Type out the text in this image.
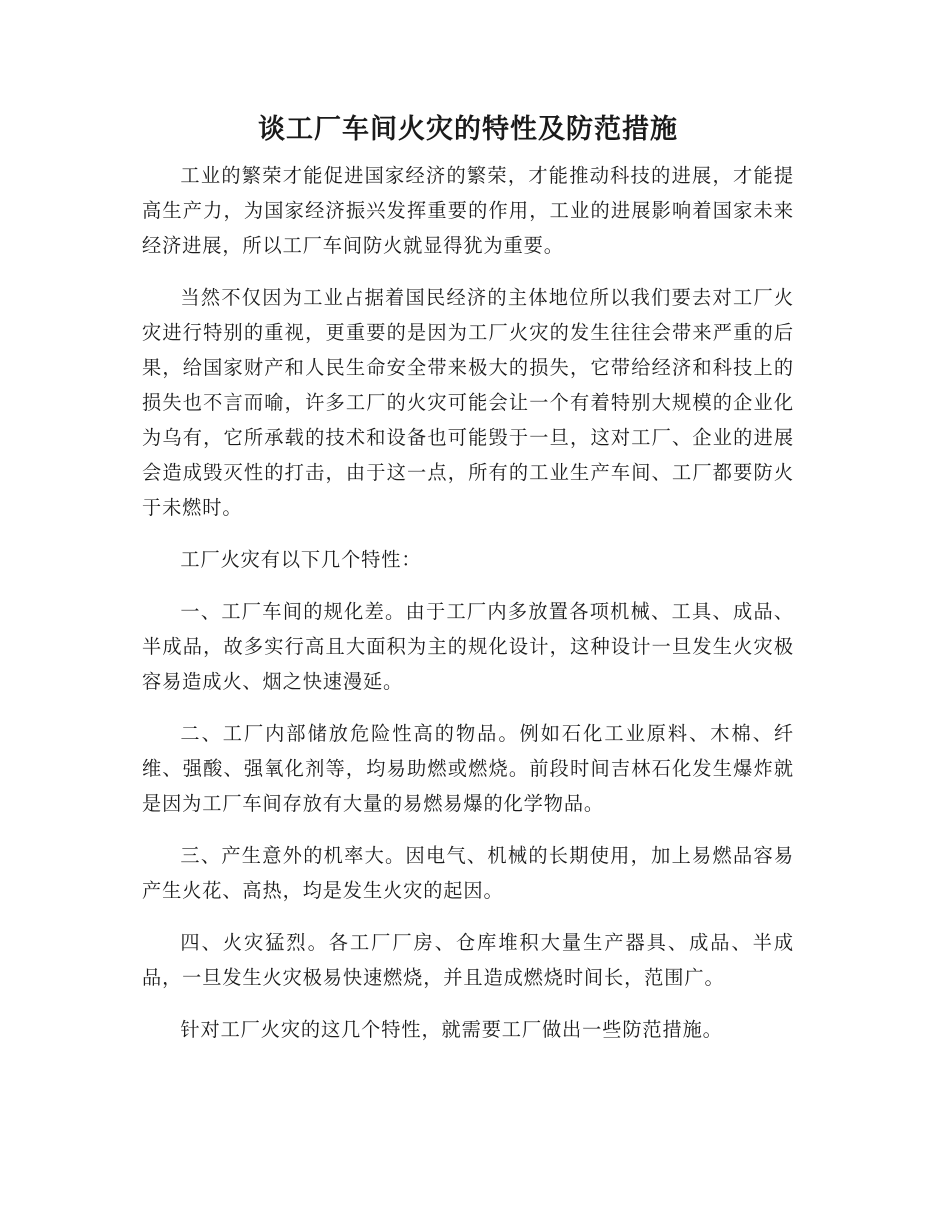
谈工厂车间火灾的特性及防范措施

工业的繁荣才能促进国家经济的繁荣，才能推动科技的进展，才能提高生产力，为国家经济振兴发挥重要的作用，工业的进展影响着国家未来经济进展，所以工厂车间防火就显得犹为重要。

当然不仅因为工业占据着国民经济的主体地位所以我们要去对工厂火灾进行特别的重视，更重要的是因为工厂火灾的发生往往会带来严重的后果，给国家财产和人民生命安全带来极大的损失，它带给经济和科技上的损失也不言而喻，许多工厂的火灾可能会让一个有着特别大规模的企业化为乌有，它所承载的技术和设备也可能毁于一旦，这对工厂、企业的进展会造成毁灭性的打击，由于这一点，所有的工业生产车间、工厂都要防火于未燃时。

工厂火灾有以下几个特性：

一、工厂车间的规化差。由于工厂内多放置各项机械、工具、成品、半成品，故多实行高且大面积为主的规化设计，这种设计一旦发生火灾极容易造成火、烟之快速漫延。

二、工厂内部储放危险性高的物品。例如石化工业原料、木棉、纤维、强酸、强氧化剂等，均易助燃或燃烧。前段时间吉林石化发生爆炸就是因为工厂车间存放有大量的易燃易爆的化学物品。

三、产生意外的机率大。因电气、机械的长期使用，加上易燃品容易产生火花、高热，均是发生火灾的起因。

四、火灾猛烈。各工厂厂房、仓库堆积大量生产器具、成品、半成品，一旦发生火灾极易快速燃烧，并且造成燃烧时间长，范围广。

针对工厂火灾的这几个特性，就需要工厂做出一些防范措施。
